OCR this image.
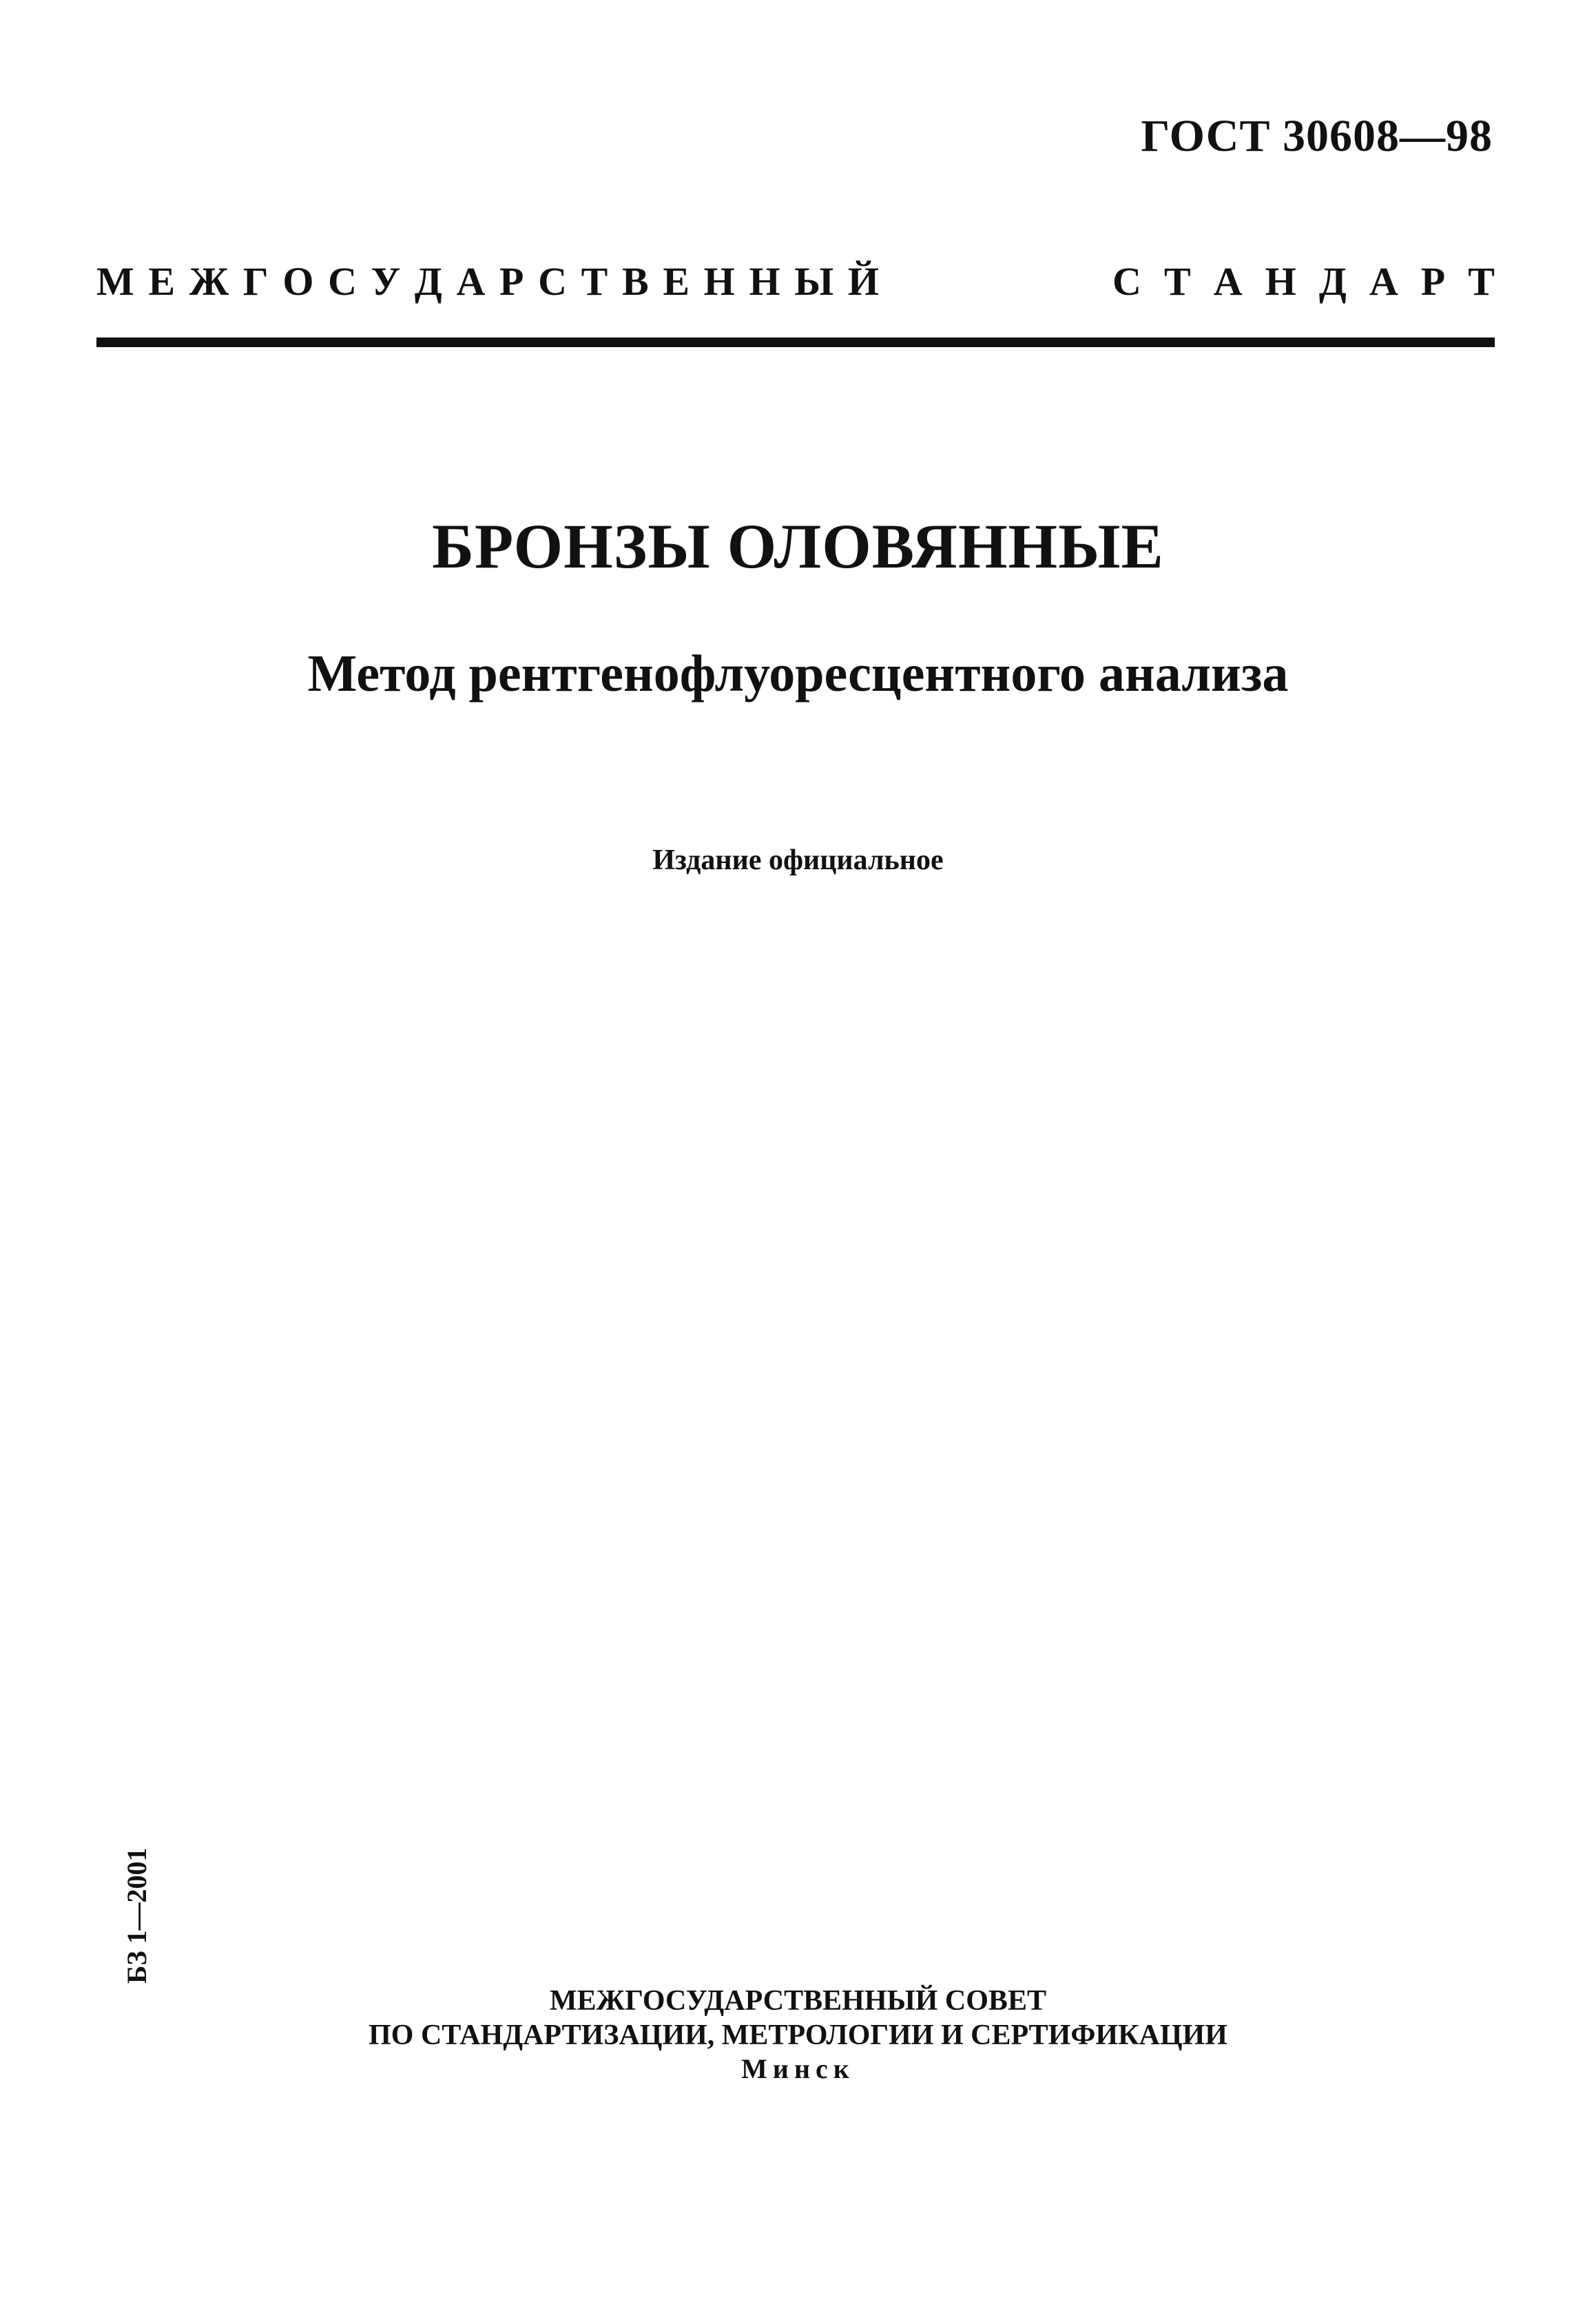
ГОСТ 30608—98
М Е Ж Г О С У Д А Р С Т В Е Н Н Ы Й	С Т А Н Д А Р Т
БРОНЗЫ ОЛОВЯННЫЕ
Метод рентгенофлуоресцентного анализа
Издание официальное
БЗ 1—2001
МЕЖГОСУДАРСТВЕННЫЙ СОВЕТ
ПО СТАНДАРТИЗАЦИИ, МЕТРОЛОГИИ И СЕРТИФИКАЦИИ
Минск
